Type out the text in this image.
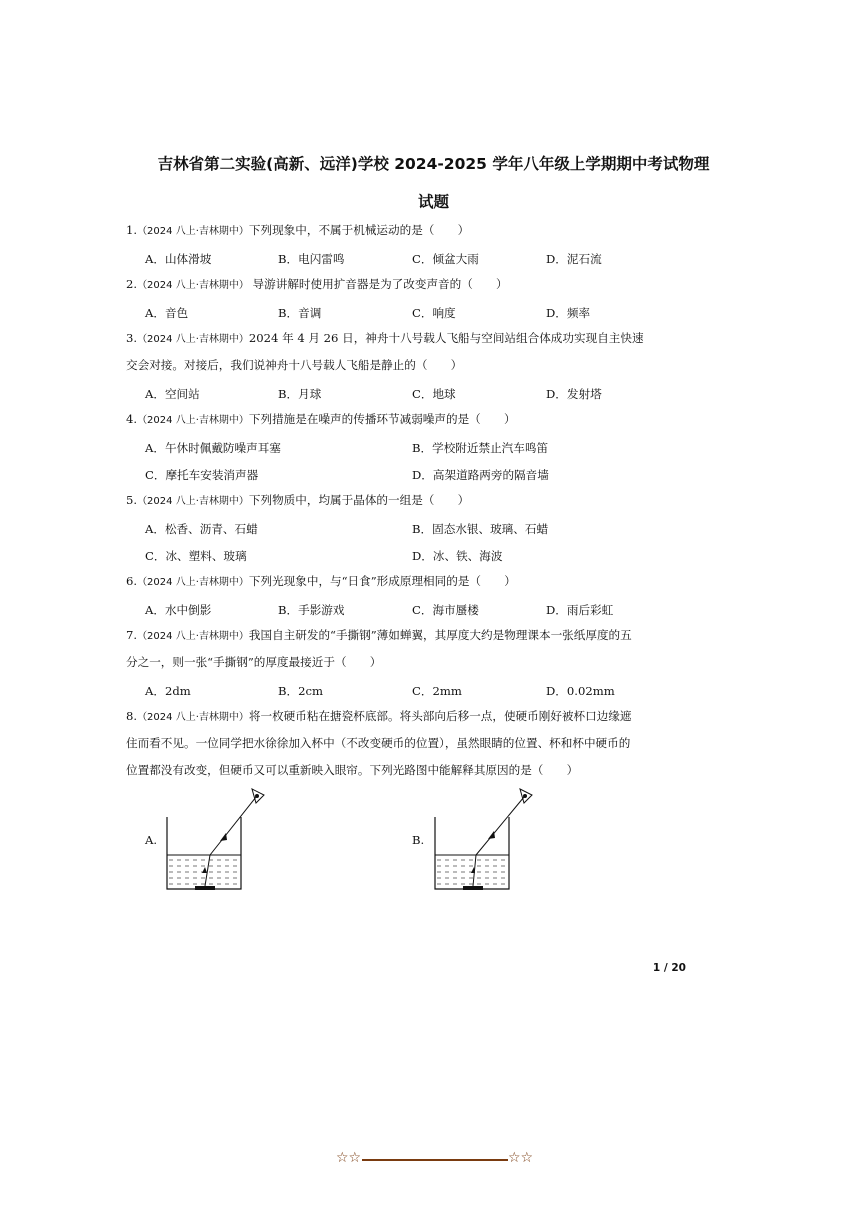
吉林省第二实验(高新、远洋)学校 2024-2025 学年八年级上学期期中考试物理
试题
1.（2024 八上·吉林期中）下列现象中，不属于机械运动的是（　　）
A．山体滑坡	B．电闪雷鸣	C．倾盆大雨	D．泥石流
2.（2024 八上·吉林期中） 导游讲解时使用扩音器是为了改变声音的（　　）
A．音色	B．音调	C．响度	D．频率
3.（2024 八上·吉林期中）2024 年 4 月 26 日，神舟十八号载人飞船与空间站组合体成功实现自主快速
交会对接。对接后，我们说神舟十八号载人飞船是静止的（　　）
A．空间站	B．月球	C．地球	D．发射塔
4.（2024 八上·吉林期中）下列措施是在噪声的传播环节减弱噪声的是（　　）
A．午休时佩戴防噪声耳塞	B．学校附近禁止汽车鸣笛
C．摩托车安装消声器	D．高架道路两旁的隔音墙
5.（2024 八上·吉林期中）下列物质中，均属于晶体的一组是（　　）
A．松香、沥青、石蜡	B．固态水银、玻璃、石蜡
C．冰、塑料、玻璃	D．冰、铁、海波
6.（2024 八上·吉林期中）下列光现象中，与“日食”形成原理相同的是（　　）
A．水中倒影	B．手影游戏	C．海市蜃楼	D．雨后彩虹
7.（2024 八上·吉林期中）我国自主研发的“手撕钢”薄如蝉翼，其厚度大约是物理课本一张纸厚度的五
分之一，则一张“手撕钢”的厚度最接近于（　　）
A．2dm	B．2cm	C．2mm	D．0.02mm
8.（2024 八上·吉林期中）将一枚硬币粘在搪瓷杯底部。将头部向后移一点，使硬币刚好被杯口边缘遮
住而看不见。一位同学把水徐徐加入杯中（不改变硬币的位置），虽然眼睛的位置、杯和杯中硬币的
位置都没有改变，但硬币又可以重新映入眼帘。下列光路图中能解释其原因的是（　　）
A.	B.
1 / 20
☆☆	☆☆
